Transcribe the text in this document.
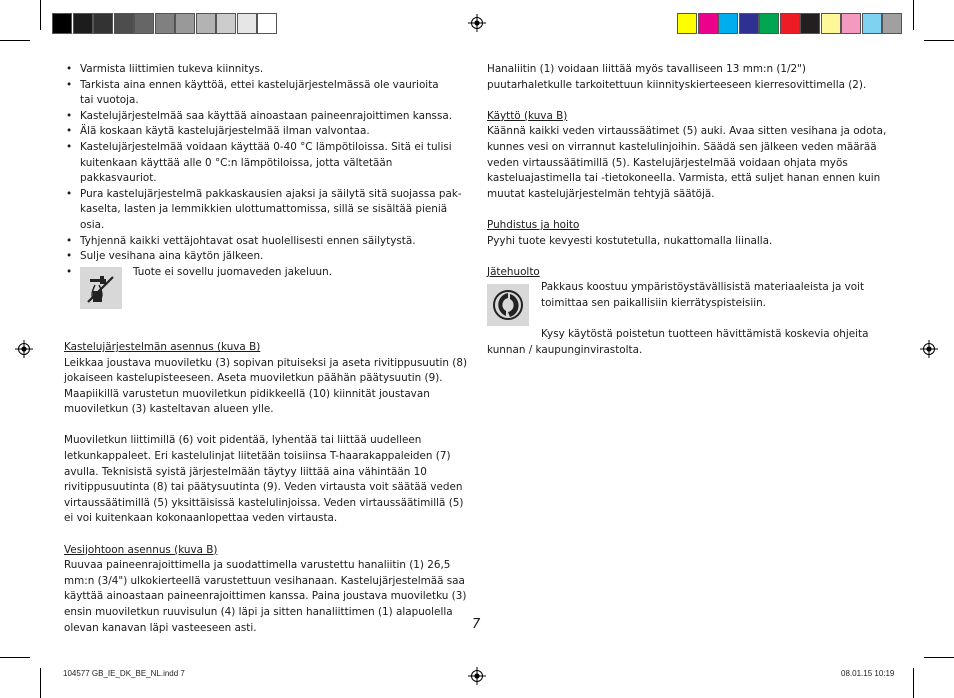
• Varmista liittimien tukeva kiinnitys.
• Tarkista aina ennen käyttöä, ettei kastelujärjestelmässä ole vaurioita tai vuotoja.
• Kastelujärjestelmää saa käyttää ainoastaan paineenrajoittimen kanssa.
• Älä koskaan käytä kastelujärjestelmää ilman valvontaa.
• Kastelujärjestelmää voidaan käyttää 0-40 °C lämpötiloissa. Sitä ei tulisi kuitenkaan käyttää alle 0 °C:n lämpötiloissa, jotta vältetään pakkasvauriot.
• Pura kastelujärjestelmä pakkaskausien ajaksi ja säilytä sitä suojassa pak-kaselta, lasten ja lemmikkien ulottumattomissa, sillä se sisältää pieniä osia.
• Tyhjennä kaikki vettäjohtavat osat huolellisesti ennen säilytystä.
• Sulje vesihana aina käytön jälkeen.
• Tuote ei sovellu juomaveden jakeluun.

Kastelujärjestelmän asennus (kuva B)

Leikkaa joustava muoviletku (3) sopivan pituiseksi ja aseta rivitippusuutin (8) jokaiseen kastelupisteeseen. Aseta muoviletkun päähän päätysuutin (9). Maapiikillä varustetun muoviletkun pidikkeellä (10) kiinnität joustavan muoviletkun (3) kasteltavan alueen ylle.

Muoviletkun liittimillä (6) voit pidentää, lyhentää tai liittää uudelleen letkunkappaleet. Eri kastelulinjat liitetään toisiinsa T-haarakappaleiden (7) avulla. Teknisistä syistä järjestelmään täytyy liittää aina vähintään 10 rivitippusuutinta (8) tai päätysuutinta (9). Veden virtausta voit säätää veden virtaussäätimillä (5) yksittäisissä kastelulinjoissa. Veden virtaussäätimillä (5) ei voi kuitenkaan kokonaanlopettaa veden virtausta.

Vesijohtoon asennus (kuva B)

Ruuvaa paineenrajoittimella ja suodattimella varustettu hanaliitin (1) 26,5 mm:n (3/4") ulkokierteellä varustettuun vesihanaan. Kastelujärjestelmää saa käyttää ainoastaan paineenrajoittimen kanssa. Paina joustava muoviletku (3) ensin muoviletkun ruuvisulun (4) läpi ja sitten hanaliittimen (1) alapuolella olevan kanavan läpi vasteeseen asti.

Hanaliitin (1) voidaan liittää myös tavalliseen 13 mm:n (1/2") puutarhaletkulle tarkoitettuun kiinnityskierteeseen kierresovittimella (2).

Käyttö (kuva B)

Käännä kaikki veden virtaussäätimet (5) auki. Avaa sitten vesihana ja odota, kunnes vesi on virrannut kastelulinjoihin. Säädä sen jälkeen veden määrää veden virtaussäätimillä (5). Kastelujärjestelmää voidaan ohjata myös kasteluajastimella tai -tietokoneella. Varmista, että suljet hanan ennen kuin muutat kastelujärjestelmän tehtyjä säätöjä.

Puhdistus ja hoito

Pyyhi tuote kevyesti kostutetulla, nukattomalla liinalla.

Jätehuolto

Pakkaus koostuu ympäristöystävällisistä materiaaleista ja voit toimittaa sen paikallisiin kierrätyspisteisiin.

Kysy käytöstä poistetun tuotteen hävittämistä koskevia ohjeita kunnan / kaupunginvirastolta.

7
104577 GB_IE_DK_BE_NL.indd 7	08.01.15 10:19
